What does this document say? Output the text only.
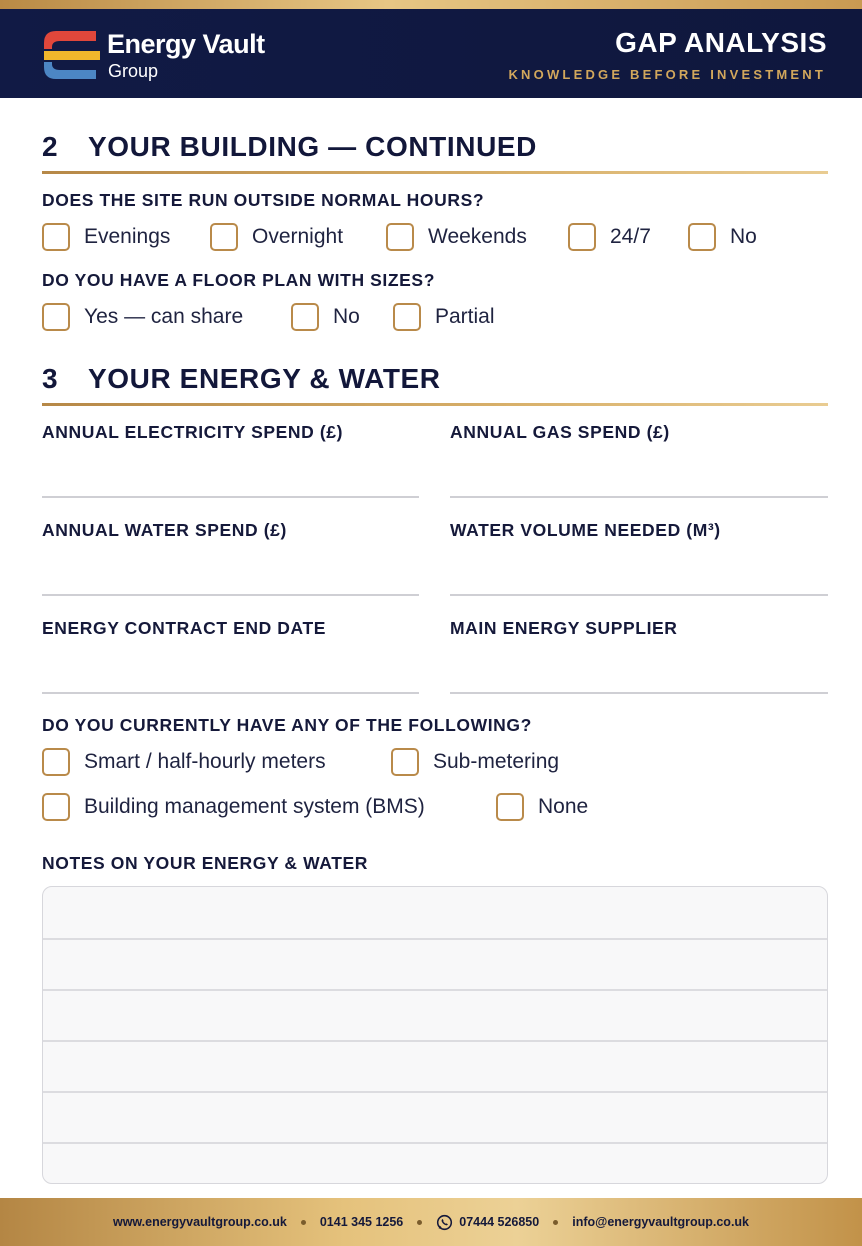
Energy Vault
Group
GAP ANALYSIS
KNOWLEDGE BEFORE INVESTMENT
2	YOUR BUILDING — CONTINUED
DOES THE SITE RUN OUTSIDE NORMAL HOURS?
Evenings	Overnight	Weekends	24/7	No
DO YOU HAVE A FLOOR PLAN WITH SIZES?
Yes — can share	No	Partial
3	YOUR ENERGY & WATER
ANNUAL ELECTRICITY SPEND (£)	ANNUAL GAS SPEND (£)
ANNUAL WATER SPEND (£)	WATER VOLUME NEEDED (M³)
ENERGY CONTRACT END DATE	MAIN ENERGY SUPPLIER
DO YOU CURRENTLY HAVE ANY OF THE FOLLOWING?
Smart / half-hourly meters	Sub-metering
Building management system (BMS)	None
NOTES ON YOUR ENERGY & WATER
www.energyvaultgroup.co.uk	0141 345 1256	07444 526850	info@energyvaultgroup.co.uk
